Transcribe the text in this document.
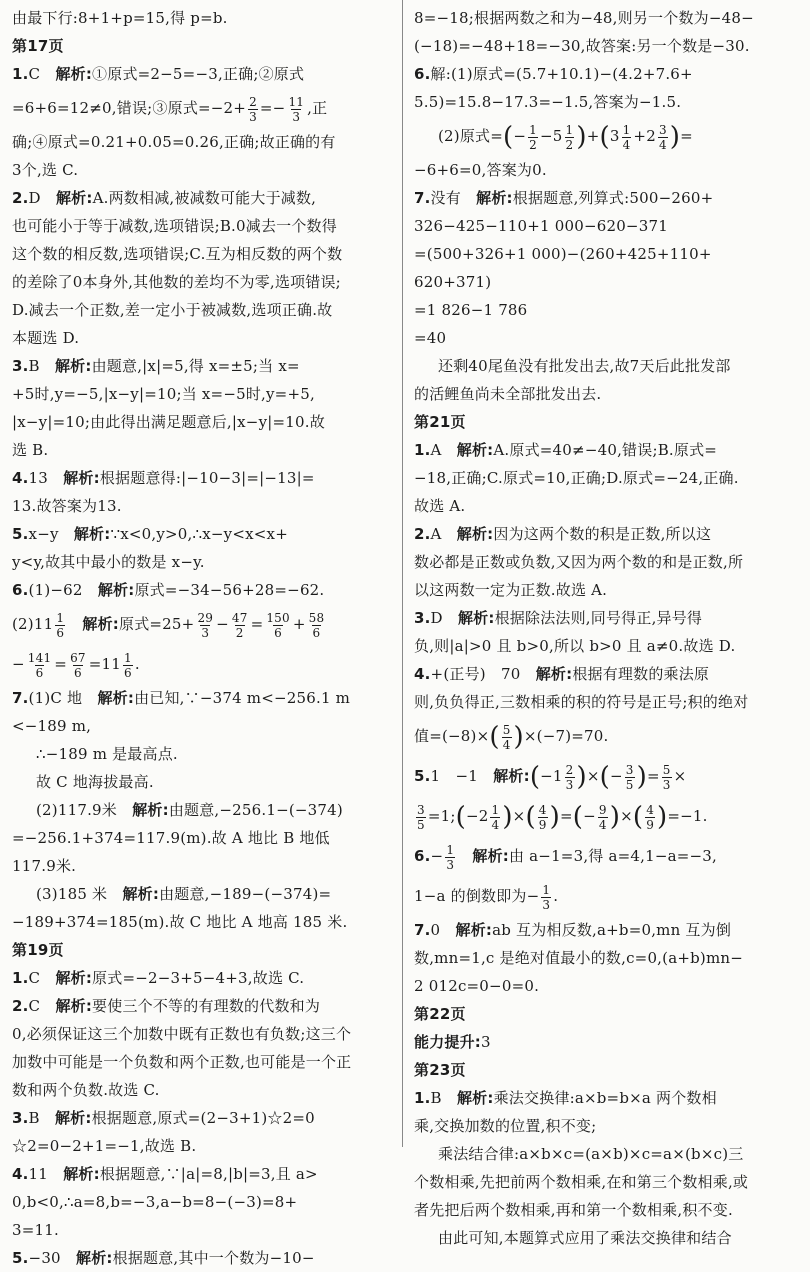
由最下行:8+1+p=15,得 p=b.
第17页
1.C　解析:①原式=2−5=−3,正确;②原式
=6+6=12≠0,错误;③原式$=-2+ \frac{2}{3} =- \frac{11}{3}$ ,正
确;④原式=0.21+0.05=0.26,正确;故正确的有
3个,选 C.
2.D　解析:A.两数相减,被减数可能大于减数,
也可能小于等于减数,选项错误;B.0减去一个数得
这个数的相反数,选项错误;C.互为相反数的两个数
的差除了0本身外,其他数的差均不为零,选项错误;
D.减去一个正数,差一定小于被减数,选项正确.故
本题选 D.
3.B　解析:由题意,|x|=5,得 x=±5;当 x=
+5时,y=−5,|x−y|=10;当 x=−5时,y=+5,
|x−y|=10;由此得出满足题意后,|x−y|=10.故
选 B.
4.13　解析:根据题意得:|−10−3|=|−13|=
13.故答案为13.
5.x−y　解析:∵x<0,y>0,∴x−y<x<x+
y<y,故其中最小的数是 x−y.
6.(1)−62　解析:原式=−34−56+28=−62.
$(2)11 \frac{1}{6}$
　 解析:原式$=25+ \frac{29}{3} - \frac{47}{2} = \frac{150}{6} + \frac{58}{6}$
− $\frac{141}{6} = \frac{67}{6} =11 \frac{1}{6}$ .
7.(1)C 地　解析:由已知,∵−374 m<−256.1 m
<−189 m,
∴−189 m 是最高点.
故 C 地海拔最高.
(2)117.9米　解析:由题意,−256.1−(−374)
=−256.1+374=117.9(m).故 A 地比 B 地低
117.9米.
(3)185 米　解析:由题意,−189−(−374)=
−189+374=185(m).故 C 地比 A 地高 185 米.
第19页
1.C　解析:原式=−2−3+5−4+3,故选 C.
2.C　解析:要使三个不等的有理数的代数和为
0,必须保证这三个加数中既有正数也有负数;这三个
加数中可能是一个负数和两个正数,也可能是一个正
数和两个负数.故选 C.
3.B　解析:根据题意,原式=(2−3+1)☆2=0
☆2=0−2+1=−1,故选 B.
4.11　解析:根据题意,∵|a|=8,|b|=3,且 a>
0,b<0,∴a=8,b=−3,a−b=8−(−3)=8+
3=11.
5.−30　解析:根据题意,其中一个数为−10−
8=−18;根据两数之和为−48,则另一个数为−48−
(−18)=−48+18=−30,故答案:另一个数是−30.
6.解:(1)原式=(5.7+10.1)−(4.2+7.6+
5.5)=15.8−17.3=−1.5,答案为−1.5.
(2)原式=(− $\frac{1}{2} -5 \frac{1}{2} )+(3 \frac{1}{4} +2 \frac{3}{4}$ )=
−6+6=0,答案为0.
7.没有　解析:根据题意,列算式:500−260+
326−425−110+1 000−620−371
=(500+326+1 000)−(260+425+110+
620+371)
=1 826−1 786
=40
还剩40尾鱼没有批发出去,故7天后此批发部
的活鲤鱼尚未全部批发出去.
第21页
1.A　解析:A.原式=40≠−40,错误;B.原式=
−18,正确;C.原式=10,正确;D.原式=−24,正确.
故选 A.
2.A　解析:因为这两个数的积是正数,所以这
数必都是正数或负数,又因为两个数的和是正数,所
以这两数一定为正数.故选 A.
3.D　解析:根据除法法则,同号得正,异号得
负,则|a|>0 且 b>0,所以 b>0 且 a≠0.故选 D.
4.+(正号)　70　解析:根据有理数的乘法原
则,负负得正,三数相乘的积的符号是正号;积的绝对
值$=(-8)\times( \frac{5}{4} )\times(-7)=70$.
5.1　−1　解析:(−1 $\frac{2}{3}$ )×(− $\frac{3}{5}$ )= $\frac{5}{3}$ ×
$\frac{3}{5}$ =1;(−2 $\frac{1}{4}$ )×( $\frac{4}{9}$ )=(− $\frac{9}{4}$ )×( $\frac{4}{9} )=-1$.
$6.- \frac{1}{3}$
　 解析:由 a−1=3,得 a=4,1−a=−3,
1−a 的倒数即为− $\frac{1}{3}$ .
7.0　解析:ab 互为相反数,a+b=0,mn 互为倒
数,mn=1,c 是绝对值最小的数,c=0,(a+b)mn−
2 012c=0−0=0.
第22页
能力提升:3
第23页
1.B　解析:乘法交换律:a×b=b×a 两个数相
乘,交换加数的位置,积不变;
乘法结合律:a×b×c=(a×b)×c=a×(b×c)三
个数相乘,先把前两个数相乘,在和第三个数相乘,或
者先把后两个数相乘,再和第一个数相乘,积不变.
由此可知,本题算式应用了乘法交换律和结合
